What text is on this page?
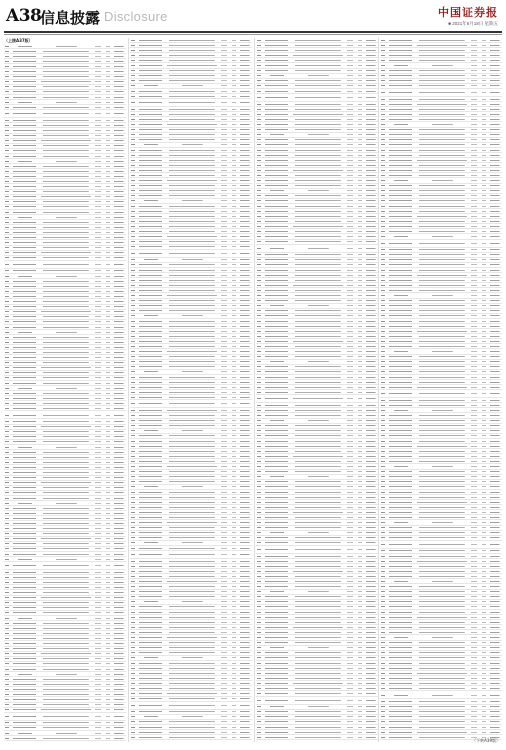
A38
信息披露 Disclosure	中国证券报
■ 2021年6月18日 星期五
（上接A37版）
（下转A39版）
